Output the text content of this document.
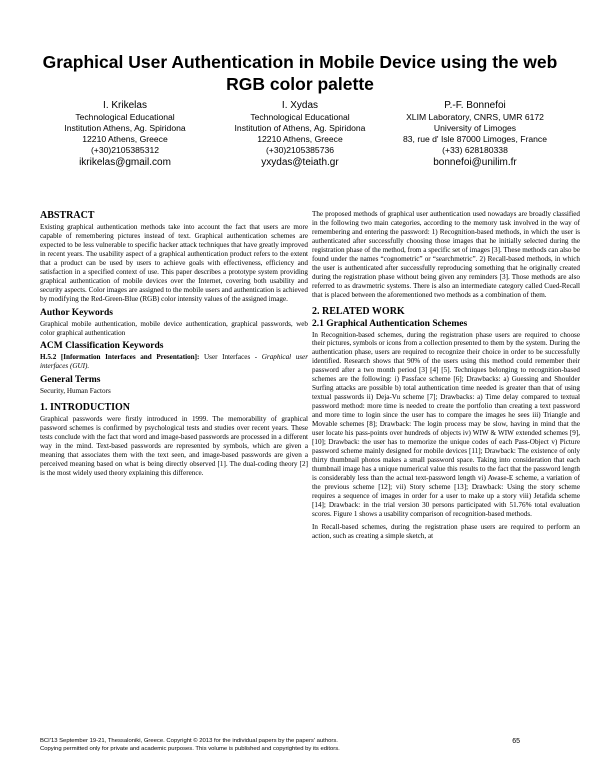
Graphical User Authentication in Mobile Device using the web RGB color palette
I. Krikelas
Technological Educational
Institution Athens, Ag. Spiridona
12210 Athens, Greece
(+30)2105385312
ikrikelas@gmail.com
I. Xydas
Technological Educational
Institution of Athens, Ag. Spiridona
12210 Athens, Greece
(+30)2105385736
yxydas@teiath.gr
P.-F. Bonnefoi
XLIM Laboratory, CNRS, UMR 6172
University of Limoges
83, rue d' Isle 87000 Limoges, France
(+33) 628180338
bonnefoi@unilim.fr
ABSTRACT

Existing graphical authentication methods take into account the fact that users are more capable of remembering pictures instead of text. Graphical authentication schemes are expected to be less vulnerable to specific hacker attack techniques that have greatly improved in recent years. The usability aspect of a graphical authentication product refers to the extent that a product can be used by users to achieve goals with effectiveness, efficiency and satisfaction in a specified context of use. This paper describes a prototype system providing graphical authentication of mobile devices over the Internet, covering both usability and security aspects. Color images are assigned to the mobile users and authentication is achieved by modifying the Red-Green-Blue (RGB) color intensity values of the assigned image.

Author Keywords

Graphical mobile authentication, mobile device authentication, graphical passwords, web color graphical authentication

ACM Classification Keywords

H.5.2 [Information Interfaces and Presentation]: User Interfaces - Graphical user interfaces (GUI).

General Terms

Security, Human Factors

1. INTRODUCTION

Graphical passwords were firstly introduced in 1999. The memorability of graphical password schemes is confirmed by psychological tests and studies over recent years. These tests conclude with the fact that word and image-based passwords are processed in a different way in the mind. Text-based passwords are represented by symbols, which are given a meaning that associates them with the text seen, and image-based passwords are given a perceived meaning based on what is being directly observed [1]. The dual-coding theory [2] is the most widely used theory explaining this difference.

The proposed methods of graphical user authentication used nowadays are broadly classified in the following two main categories, according to the memory task involved in the way of remembering and entering the password: 1) Recognition-based methods, in which the user is authenticated after successfully choosing those images that he initially selected during the registration phase of the method, from a specific set of images [3]. These methods can also be found under the names “cognometric” or “searchmetric”. 2) Recall-based methods, in which the user is authenticated after successfully reproducing something that he originally created during the registration phase without being given any reminders [3]. Those methods are also referred to as drawmetric systems. There is also an intermediate category called Cued-Recall that is placed between the aforementioned two methods as a combination of them.

2. RELATED WORK
2.1 Graphical Authentication Schemes

In Recognition-based schemes, during the registration phase users are required to choose their pictures, symbols or icons from a collection presented to them by the system. During the authentication phase, users are required to recognize their choice in order to be successfully identified. Research shows that 90% of the users using this method could remember their password after a two month period [3] [4] [5]. Techniques belonging to recognition-based schemes are the following: i) Passface scheme [6]; Drawbacks: a) Guessing and Shoulder Surfing attacks are possible b) total authentication time needed is greater than that of using textual passwords ii) Deja-Vu scheme [7]; Drawbacks: a) Time delay compared to textual password method: more time is needed to create the portfolio than creating a text password and more time to login since the user has to compare the images he sees iii) Triangle and Movable schemes [8]; Drawback: The login process may be slow, having in mind that the user locate his pass-points over hundreds of objects iv) WIW & WIW extended schemes [9], [10]; Drawback: the user has to memorize the unique codes of each Pass-Object v) Picture password scheme mainly designed for mobile devices [11]; Drawback: The existence of only thirty thumbnail photos makes a small password space. Taking into consideration that each thumbnail image has a unique numerical value this results to the fact that the password length is considerably less than the actual text-password length vi) Awase-E scheme, a variation of the previous scheme [12]; vii) Story scheme [13]; Drawback: Using the story scheme requires a sequence of images in order for a user to make up a story viii) Jetafida scheme [14]; Drawback: in the trial version 30 persons participated with 51.76% total evaluation scores. Figure 1 shows a usability comparison of recognition-based methods.

In Recall-based schemes, during the registration phase users are required to perform an action, such as creating a simple sketch, at

BCI'13 September 19-21, Thessaloniki, Greece. Copyright © 2013 for the individual papers by the papers' authors.
Copying permitted only for private and academic purposes. This volume is published and copyrighted by its editors.
65
